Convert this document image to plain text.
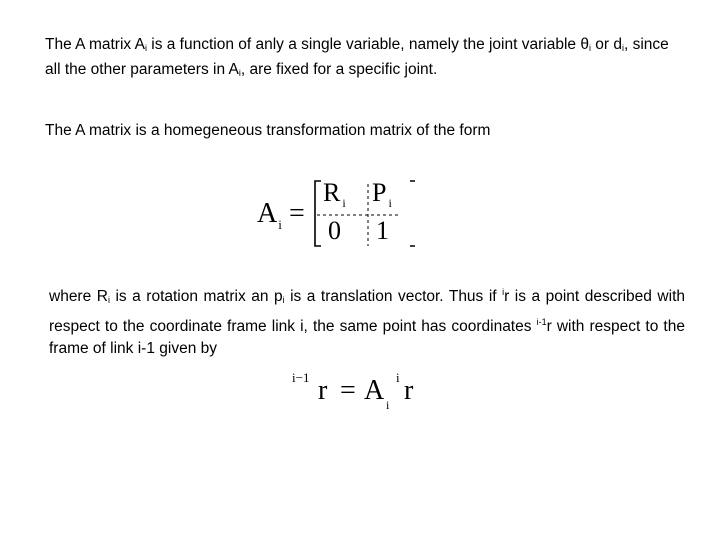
The A matrix $A_i$ is a function of anly a single variable, namely the joint variable $\theta_i$ or $d_i$, since all the other parameters in $A_i$, are fixed for a specific joint.

The A matrix is a homegeneous transformation matrix of the form

$A_i$ =
R $_i$ P $_i$
0 1

where $R_i$ is a rotation matrix an $p_i$ is a translation vector. Thus if $^i$r is a point described with respect to the coordinate frame link i, the same point has coordinates $^{i-1}$r with respect to the frame of link i-1 given by

i−1 r = A i
i r
